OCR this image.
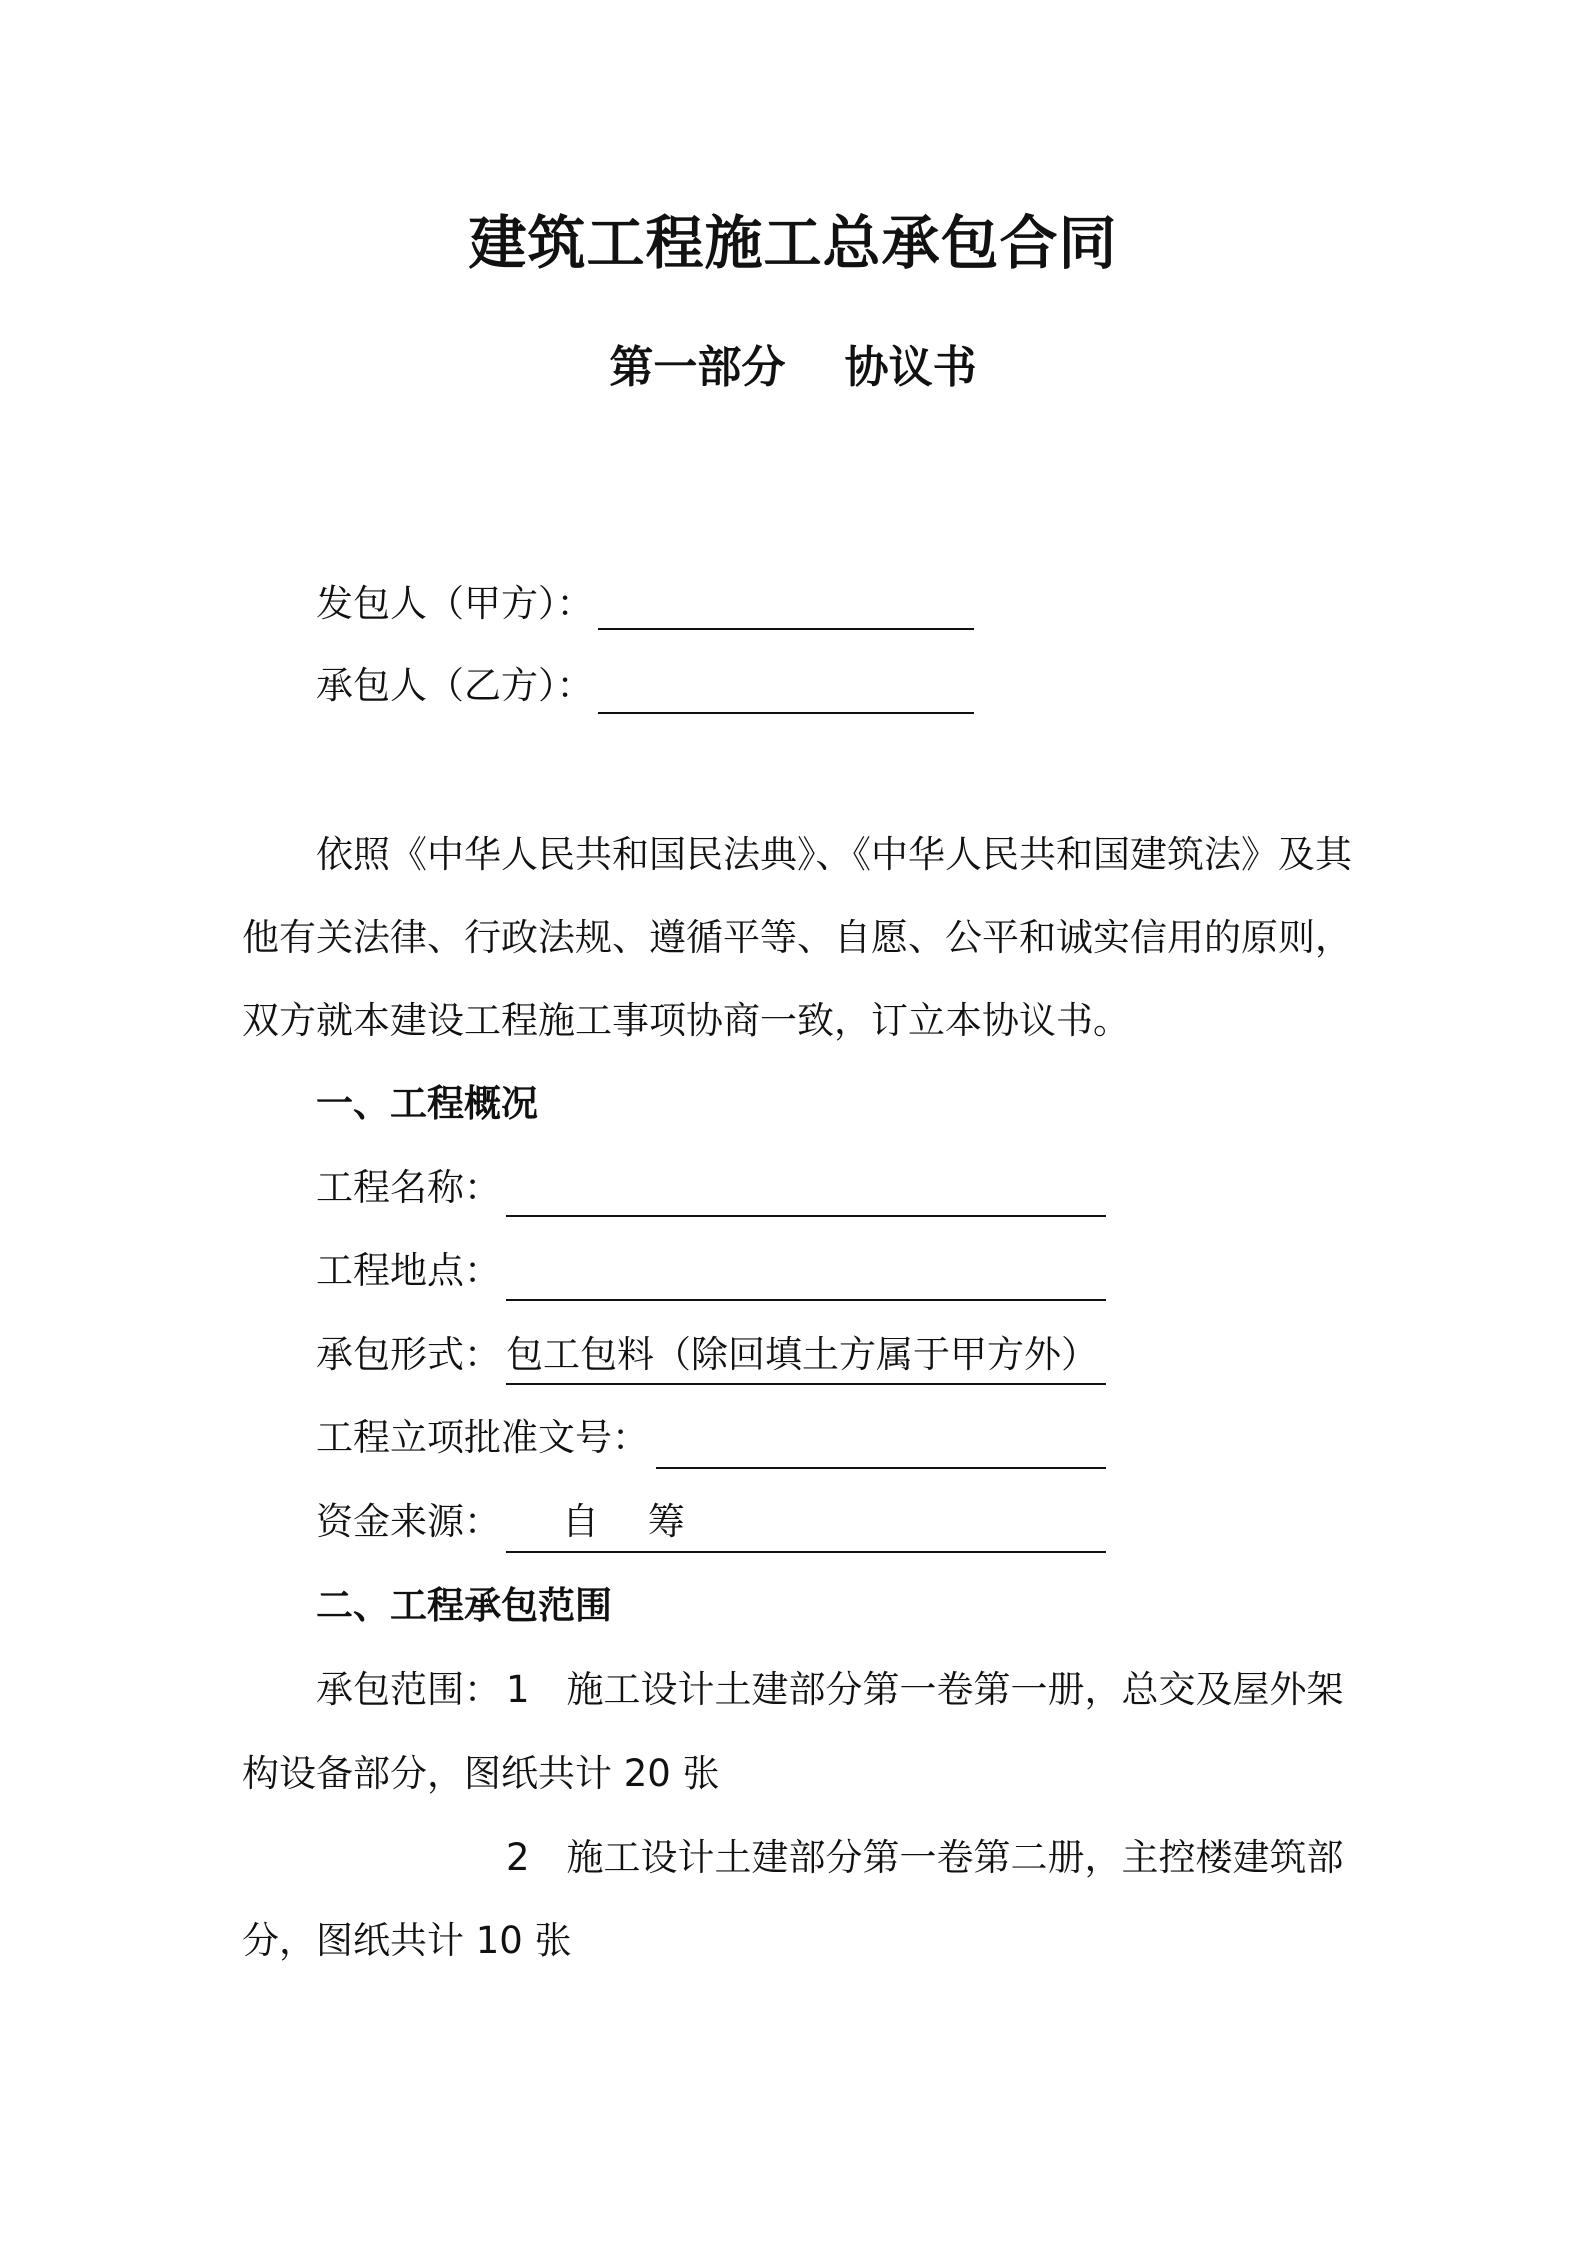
建筑工程施工总承包合同
第一部分　 协议书
发包人（甲方）：
承包人（乙方）：

依照《中华人民共和国民法典》、《中华人民共和国建筑法》及其他有关法律、行政法规、遵循平等、自愿、公平和诚实信用的原则，双方就本建设工程施工事项协商一致，订立本协议书。

一、工程概况
工程名称：
工程地点：
承包形式： 包工包料（除回填土方属于甲方外）
工程立项批准文号：
资金来源： 自　 筹
二、工程承包范围
承包范围： 1　施工设计土建部分第一卷第一册，总交及屋外架
构设备部分，图纸共计 20 张
2　施工设计土建部分第一卷第二册，主控楼建筑部
分，图纸共计 10 张
